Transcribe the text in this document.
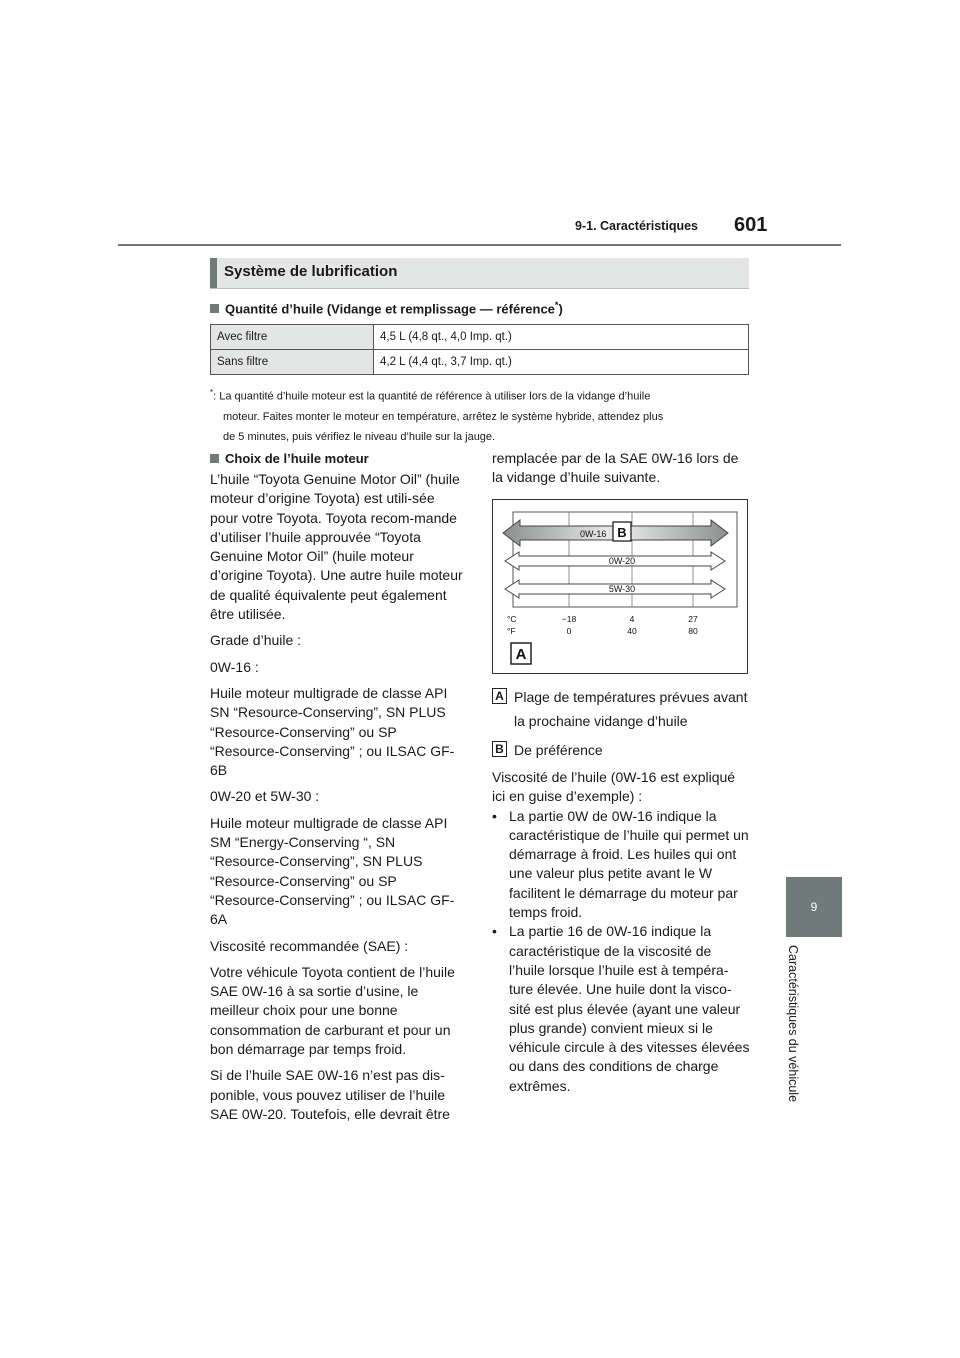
9-1. Caractéristiques 601
9
Caractéristiques du véhicule
Système de lubrification
Quantité d’huile (Vidange et remplissage — référence*)
Avec filtre	4,5 L (4,8 qt., 4,0 Imp. qt.)
Sans filtre	4,2 L (4,4 qt., 3,7 Imp. qt.)
*: La quantité d’huile moteur est la quantité de référence à utiliser lors de la vidange d’huile
moteur. Faites monter le moteur en température, arrêtez le système hybride, attendez plus
de 5 minutes, puis vérifiez le niveau d’huile sur la jauge.
Choix de l’huile moteur

L’huile “Toyota Genuine Motor Oil” (huile moteur d’origine Toyota) est utili-sée pour votre Toyota. Toyota recom-mande d’utiliser l’huile approuvée “Toyota Genuine Motor Oil” (huile moteur d’origine Toyota). Une autre huile moteur de qualité équivalente peut également être utilisée.

Grade d’huile :

0W-16 :

Huile moteur multigrade de classe API SN “Resource-Conserving”, SN PLUS “Resource-Conserving” ou SP “Resource-Conserving” ; ou ILSAC GF-6B

0W-20 et 5W-30 :

Huile moteur multigrade de classe API SM “Energy-Conserving “, SN “Resource-Conserving”, SN PLUS “Resource-Conserving” ou SP “Resource-Conserving” ; ou ILSAC GF-6A

Viscosité recommandée (SAE) :

Votre véhicule Toyota contient de l’huile SAE 0W-16 à sa sortie d’usine, le meilleur choix pour une bonne consommation de carburant et pour un bon démarrage par temps froid.

Si de l’huile SAE 0W-16 n’est pas dis-ponible, vous pouvez utiliser de l’huile SAE 0W-20. Toutefois, elle devrait être

remplacée par de la SAE 0W-16 lors de la vidange d’huile suivante.

0W-16 B
0W-20
5W-30
°C
°F
−18	4	27
0	40	80
A
A Plage de températures prévues avant la prochaine vidange d’huile
B De préférence

Viscosité de l’huile (0W-16 est expliqué ici en guise d’exemple) :

• La partie 0W de 0W-16 indique la caractéristique de l’huile qui permet un démarrage à froid. Les huiles qui ont une valeur plus petite avant le W facilitent le démarrage du moteur par temps froid.
• La partie 16 de 0W-16 indique la caractéristique de la viscosité de l’huile lorsque l’huile est à tempéra-ture élevée. Une huile dont la visco-sité est plus élevée (ayant une valeur plus grande) convient mieux si le véhicule circule à des vitesses élevées ou dans des conditions de charge extrêmes.
